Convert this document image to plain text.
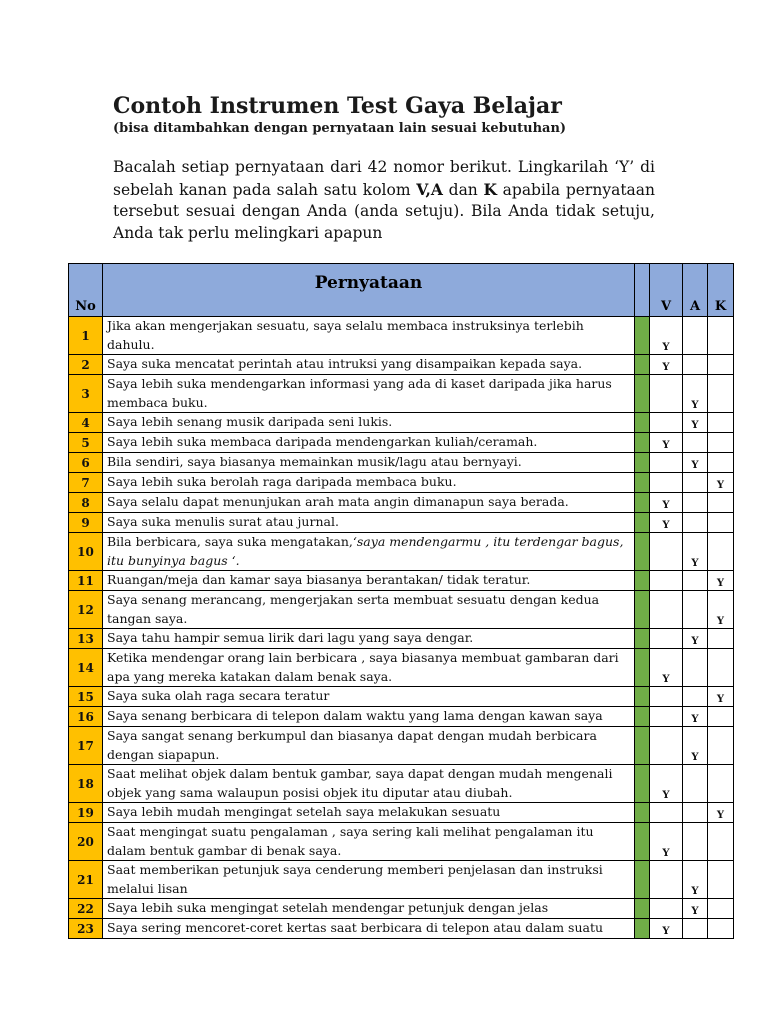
Contoh Instrumen Test Gaya Belajar
(bisa ditambahkan dengan pernyataan lain sesuai kebutuhan)
Bacalah setiap pernyataan dari 42 nomor berikut. Lingkarilah ‘Y’ di sebelah kanan pada salah satu kolom V,A dan K apabila pernyataan tersebut sesuai dengan Anda (anda setuju). Bila Anda tidak setuju, Anda tak perlu melingkari apapun
No	Pernyataan		V	A	K
1	Jika akan mengerjakan sesuatu, saya selalu membaca instruksinya terlebih dahulu.		Y		
2	Saya suka mencatat perintah atau intruksi yang disampaikan kepada saya.		Y		
3	Saya lebih suka mendengarkan informasi yang ada di kaset daripada jika harus membaca buku.			Y	
4	Saya lebih senang musik daripada seni lukis.			Y	
5	Saya lebih suka membaca daripada mendengarkan kuliah/ceramah.		Y		
6	Bila sendiri, saya biasanya memainkan musik/lagu atau bernyayi.			Y	
7	Saya lebih suka berolah raga daripada membaca buku.				Y
8	Saya selalu dapat menunjukan arah mata angin dimanapun saya berada.		Y		
9	Saya suka menulis surat atau jurnal.		Y		
10	Bila berbicara, saya suka mengatakan,‘saya mendengarmu , itu terdengar bagus, itu bunyinya bagus ‘.			Y	
11	Ruangan/meja dan kamar saya biasanya berantakan/ tidak teratur.				Y
12	Saya senang merancang, mengerjakan serta membuat sesuatu dengan kedua tangan saya.				Y
13	Saya tahu hampir semua lirik dari lagu yang saya dengar.			Y	
14	Ketika mendengar orang lain berbicara , saya biasanya membuat gambaran dari apa yang mereka katakan dalam benak saya.		Y		
15	Saya suka olah raga secara teratur				Y
16	Saya senang berbicara di telepon dalam waktu yang lama dengan kawan saya			Y	
17	Saya sangat senang berkumpul dan biasanya dapat dengan mudah berbicara dengan siapapun.			Y	
18	Saat melihat objek dalam bentuk gambar, saya dapat dengan mudah mengenali objek yang sama walaupun posisi objek itu diputar atau diubah.		Y		
19	Saya lebih mudah mengingat setelah saya melakukan sesuatu				Y
20	Saat mengingat suatu pengalaman , saya sering kali melihat pengalaman itu dalam bentuk gambar di benak saya.		Y		
21	Saat memberikan petunjuk saya cenderung memberi penjelasan dan instruksi melalui lisan			Y	
22	Saya lebih suka mengingat setelah mendengar petunjuk dengan jelas			Y	
23	Saya sering mencoret-coret kertas saat berbicara di telepon atau dalam suatu		Y		
